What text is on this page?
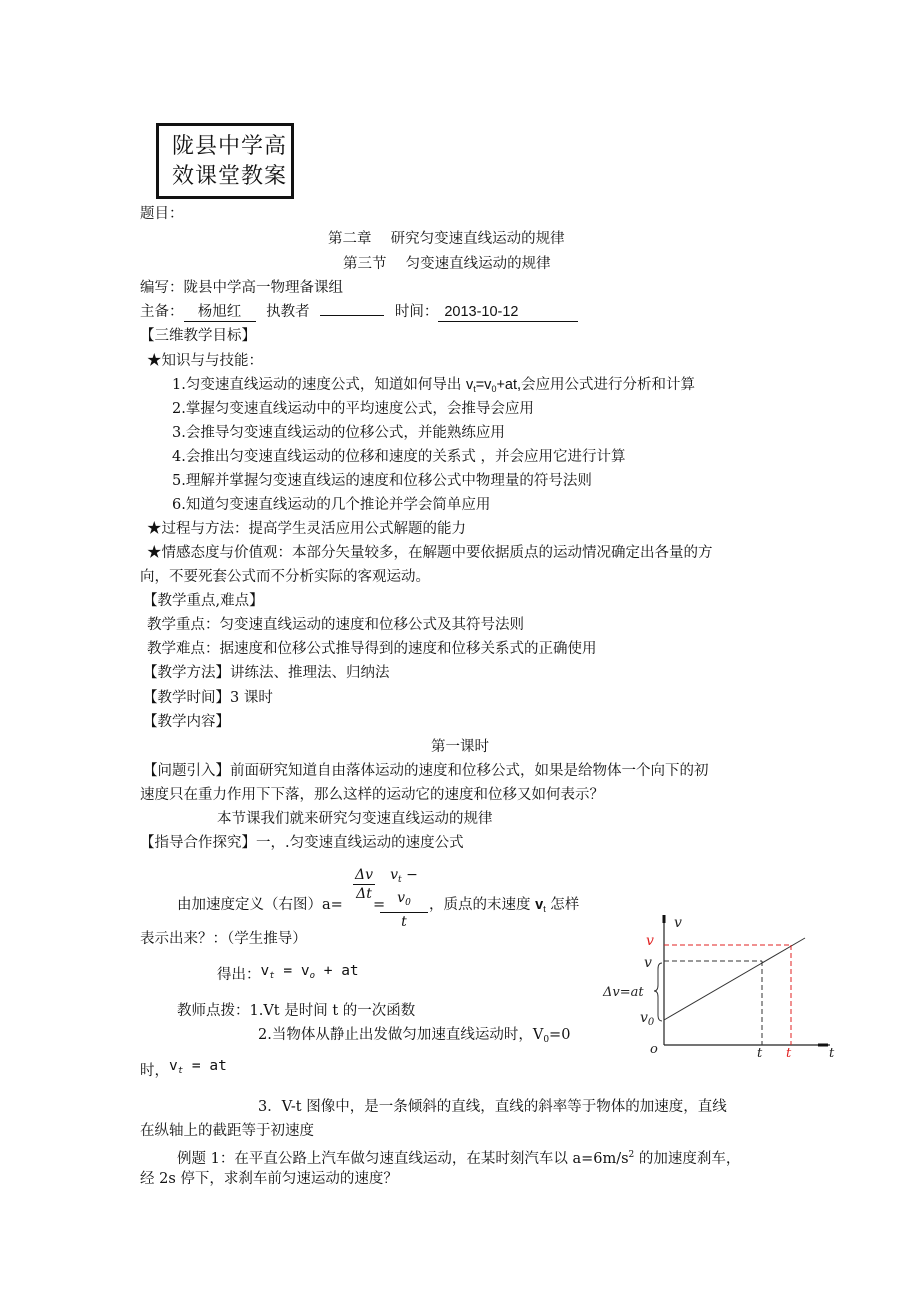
陇县中学高
效课堂教案
题目：
第二章　 研究匀变速直线运动的规律
第三节　 匀变速直线运动的规律
编写：陇县中学高一物理备课组
主备： 杨旭红 执教者	时间： 2013-10-12
【三维教学目标】
★知识与与技能：
1.匀变速直线运动的速度公式，知道如何导出 $v_t=v_0+at$,会应用公式进行分析和计算
2.掌握匀变速直线运动中的平均速度公式，会推导会应用
3.会推导匀变速直线运动的位移公式，并能熟练应用
4.会推出匀变速直线运动的位移和速度的关系式 ，并会应用它进行计算
5.理解并掌握匀变速直线运的速度和位移公式中物理量的符号法则
6.知道匀变速直线运动的几个推论并学会简单应用
★过程与方法：提高学生灵活应用公式解题的能力
★情感态度与价值观：本部分矢量较多，在解题中要依据质点的运动情况确定出各量的方
向，不要死套公式而不分析实际的客观运动。
【教学重点,难点】
教学重点：匀变速直线运动的速度和位移公式及其符号法则
教学难点：据速度和位移公式推导得到的速度和位移关系式的正确使用
【教学方法】讲练法、推理法、归纳法
【教学时间】3 课时
【教学内容】
第一课时
【问题引入】前面研究知道自由落体运动的速度和位移公式，如果是给物体一个向下的初
速度只在重力作用下下落，那么这样的运动它的速度和位移又如何表示？
本节课我们就来研究匀变速直线运动的规律
【指导合作探究】一，.匀变速直线运动的速度公式
由加速度定义（右图）a=
$\frac{\Delta v}{\Delta t}$
=
$\frac{v_t - v_0}{t}$ ，质点的末速度 $v_t$ 怎样
表示出来？：（学生推导）
得出：$v_t = v_o$ + at
教师点拨：1.Vt 是时间 t 的一次函数
2.当物体从静止出发做匀加速直线运动时，$V_0=0$
时，$v_t$ = at
3．V-t 图像中，是一条倾斜的直线，直线的斜率等于物体的加速度，直线
在纵轴上的截距等于初速度
例题 1：在平直公路上汽车做匀速直线运动，在某时刻汽车以 $a=6m/s^2$ 的加速度刹车，
经 2s 停下，求刹车前匀速运动的速度？
v
v
v
Δv=at
$v_0$
o	t t	t
